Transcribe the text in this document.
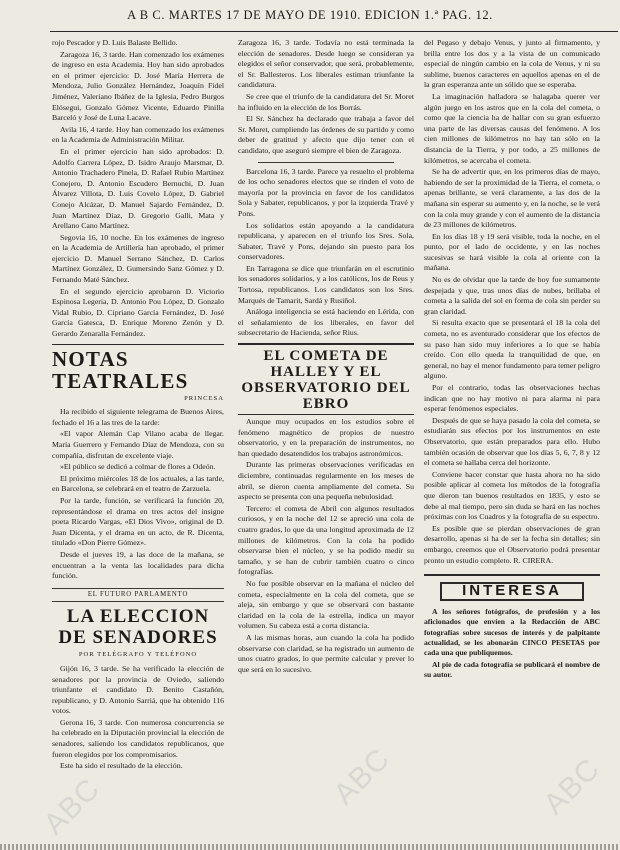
A B C. MARTES 17 DE MAYO DE 1910. EDICION 1.ª PAG. 12.

rojo Pescador y D. Luis Balaste Bellido.

Zaragoza 16, 3 tarde. Han comenzado los exámenes de ingreso en esta Academia. Hoy han sido aprobados en el primer ejercicio: D. José María Herrera de Mendoza, Julio González Hernández, Joaquín Fidel Jiménez, Valeriano Ibáñez de la Iglesia, Pedro Burgos Elósegui, Gonzalo Gómez Vicente, Eduardo Pinilla Barceló y José de Luna Lacave.

Avila 16, 4 tarde. Hoy han comenzado los exámenes en la Academia de Administración Militar.

En el primer ejercicio han sido aprobados: D. Adolfo Carrera López, D. Isidro Araujo Marsmar, D. Antonio Trachadero Pinela, D. Rafael Rubio Martínez Conejero, D. Antonio Escudero Bernuchi, D. Juan Álvarez Villota, D. Luis Covelo López, D. Gabriel Conejo Alcázar, D. Manuel Sajardo Fernández, D. Juan Martínez Díaz, D. Gregorio Galli, Mata y Arellano Cano Martínez.

Segovia 16, 10 noche. En los exámenes de ingreso en la Academia de Artillería han aprobado, el primer ejercicio D. Manuel Serrano Sánchez, D. Carlos Martínez González, D. Gumersindo Sanz Gómez y D. Fernando Maté Sánchez.

En el segundo ejercicio aprobaron D. Victorio Espinosa Legeria, D. Antonio Pou López, D. Gonzalo Vidal Rubio, D. Cipriano García Fernández, D. José García Gatesca, D. Enrique Moreno Zenón y D. Gerardo Zenaralla Fernández.

NOTAS TEATRALES
PRINCESA

Ha recibido el siguiente telegrama de Buenos Aires, fechado el 16 a las tres de la tarde:

«El vapor Alemán Cap Vilano acaba de llegar. María Guerrero y Fernando Díaz de Mendoza, con su compañía, disfrutan de excelente viaje.

»El público se dedicó a colmar de flores a Odeón.

El próximo miércoles 18 de los actuales, a las tarde, en Barcelona, se celebrará en el teatro de Zarzuela.

Por la tarde, función, se verificará la función 20, representándose el drama en tres actos del insigne poeta Ricardo Vargas, «El Dios Vivo», original de D. Juan Dicenta, y el drama en un acto, de R. Dicenta, titulado «Don Pierre Gómez».

Desde el jueves 19, a las doce de la mañana, se encuentran a la venta las localidades para dicha función.

EL FUTURO PARLAMENTO
LA ELECCION DE SENADORES
POR TELÉGRAFO Y TELÉFONO

Gijón 16, 3 tarde. Se ha verificado la elección de senadores por la provincia de Oviedo, saliendo triunfante el candidato D. Benito Castañón, republicano, y D. Antonio Sarriá, que ha obtenido 116 votos.

Gerona 16, 3 tarde. Con numerosa concurrencia se ha celebrado en la Diputación provincial la elección de senadores, saliendo los candidatos republicanos, que fueron elegidos por los compromisarios.

Este ha sido el resultado de la elección.

Zaragoza 16, 3 tarde. Todavía no está terminada la elección de senadores. Desde luego se consideran ya elegidos el señor conservador, que será, probablemente, el Sr. Ballesteros. Los liberales estiman triunfante la candidatura.

Se cree que el triunfo de la candidatura del Sr. Moret ha influido en la elección de los Borrás.

El Sr. Sánchez ha declarado que trabaja a favor del Sr. Moret, cumpliendo las órdenes de su partido y como deber de gratitud y afecto que dijo tener con el candidato, que aseguró siempre el bien de Zaragoza.

Barcelona 16, 3 tarde. Parece ya resuelto el problema de los ocho senadores electos que se rinden el voto de mayoría por la provincia en favor de los candidatos Sola y Sabater, republicanos, y por la izquierda Travé y Pons.

Los solidarios están apoyando a la candidatura republicana, y aparecen en el triunfo los Sres. Sola, Sabater, Travé y Pons, dejando sin puesto para los conservadores.

En Tarragona se dice que triunfarán en el escrutinio los senadores solidarios, y a los católicos, los de Reus y Tortosa, republicanos. Los candidatos son los Sres. Marqués de Tamarit, Sardá y Rusiñol.

Análoga inteligencia se está haciendo en Lérida, con el señalamiento de los liberales, en favor del subsecretario de Hacienda, señor Rius.

EL COMETA DE HALLEY Y EL OBSERVATORIO DEL EBRO

Aunque muy ocupados en los estudios sobre el fenómeno magnético de propios de nuestro observatorio, y en la preparación de instrumentos, no han quedado desatendidos los trabajos astronómicos.

Durante las primeras observaciones verificadas en diciembre, continuadas regularmente en los meses de abril, se dieron cuenta ampliamente del cometa. Su aspecto se presenta con una pequeña nebulosidad.

Tercero: el cometa de Abril con algunos resultados curiosos, y en la noche del 12 se apreció una cola de cuatro grados, lo que da una longitud aproximada de 12 millones de kilómetros. Con la cola ha podido observarse bien el núcleo, y se ha podido medir su tamaño, y se han de cubrir también cuatro o cinco fotografías.

No fue posible observar en la mañana el núcleo del cometa, especialmente en la cola del cometa, que se aleja, sin embargo y que se observará con bastante claridad en la cola de la estrella, indica un mayor volumen. Su cabeza está a corta distancia.

A las mismas horas, aun cuando la cola ha podido observarse con claridad, se ha registrado un aumento de unos cuatro grados, lo que permite calcular y prever lo que será en lo sucesivo.

del Pegaso y debajo Venus, y junto al firmamento, y brilla entre los dos y a la vista de un comunicado especial de ningún cambio en la cola de Venus, y ni su sublime, buenos caracteres en aquellos apenas en el de la gran esperanza ante un sólido que se esperaba.

La imaginación halladora se halagaba querer ver algún juego en los astros que en la cola del cometa, o como que la ciencia ha de hallar con su gran esfuerzo una parte de las diversas causas del fenómeno. A los cien millones de kilómetros no hay tan sólo en la distancia de la Tierra, y por todo, a 25 millones de kilómetros, se acercaba el cometa.

Se ha de advertir que, en los primeros días de mayo, habiendo de ser la proximidad de la Tierra, el cometa, o apenas brillante, se verá claramente, a las dos de la mañana sin esperar su aumento y, en la noche, se le verá con la cola muy grande y con el aumento de la distancia de 23 millones de kilómetros.

En los días 18 y 19 será visible, toda la noche, en el punto, por el lado de occidente, y en las noches sucesivas se hará visible la cola al oriente con la mañana.

No es de olvidar que la tarde de hoy fue sumamente despejada y que, tras unos días de nubes, brillaba el cometa a la salida del sol en forma de cola sin perder su gran claridad.

Si resulta exacto que se presentará el 18 la cola del cometa, no es aventurado considerar que los efectos de su paso han sido muy inferiores a lo que se había creído. Con ello queda la tranquilidad de que, en general, no hay el menor fundamento para temer peligro alguno.

Por el contrario, todas las observaciones hechas indican que no hay motivo ni para alarma ni para esperar fenómenos especiales.

Después de que se haya pasado la cola del cometa, se estudiarán sus efectos por los instrumentos en este Observatorio, que están preparados para ello. Hubo también ocasión de observar que los días 5, 6, 7, 8 y 12 el cometa se hallaba cerca del horizonte.

Conviene hacer constar que hasta ahora no ha sido posible aplicar al cometa los métodos de la fotografía que dieron tan buenos resultados en 1835, y esto se debe al mal tiempo, pero sin duda se hará en las noches próximas con los Cuadros y la fotografía de su espectro.

Es posible que se pierdan observaciones de gran desarrollo, apenas si ha de ser la fecha sin detalles; sin embargo, creemos que el Observatorio podrá presentar pronto un estudio completo. R. CIRERA.

INTERESA

A los señores fotógrafos, de profesión y a los aficionados que envíen a la Redacción de ABC fotografías sobre sucesos de interés y de palpitante actualidad, se les abonarán CINCO PESETAS por cada una que publiquemos.

Al pie de cada fotografía se publicará el nombre de su autor.

ABC	ABC	ABC
